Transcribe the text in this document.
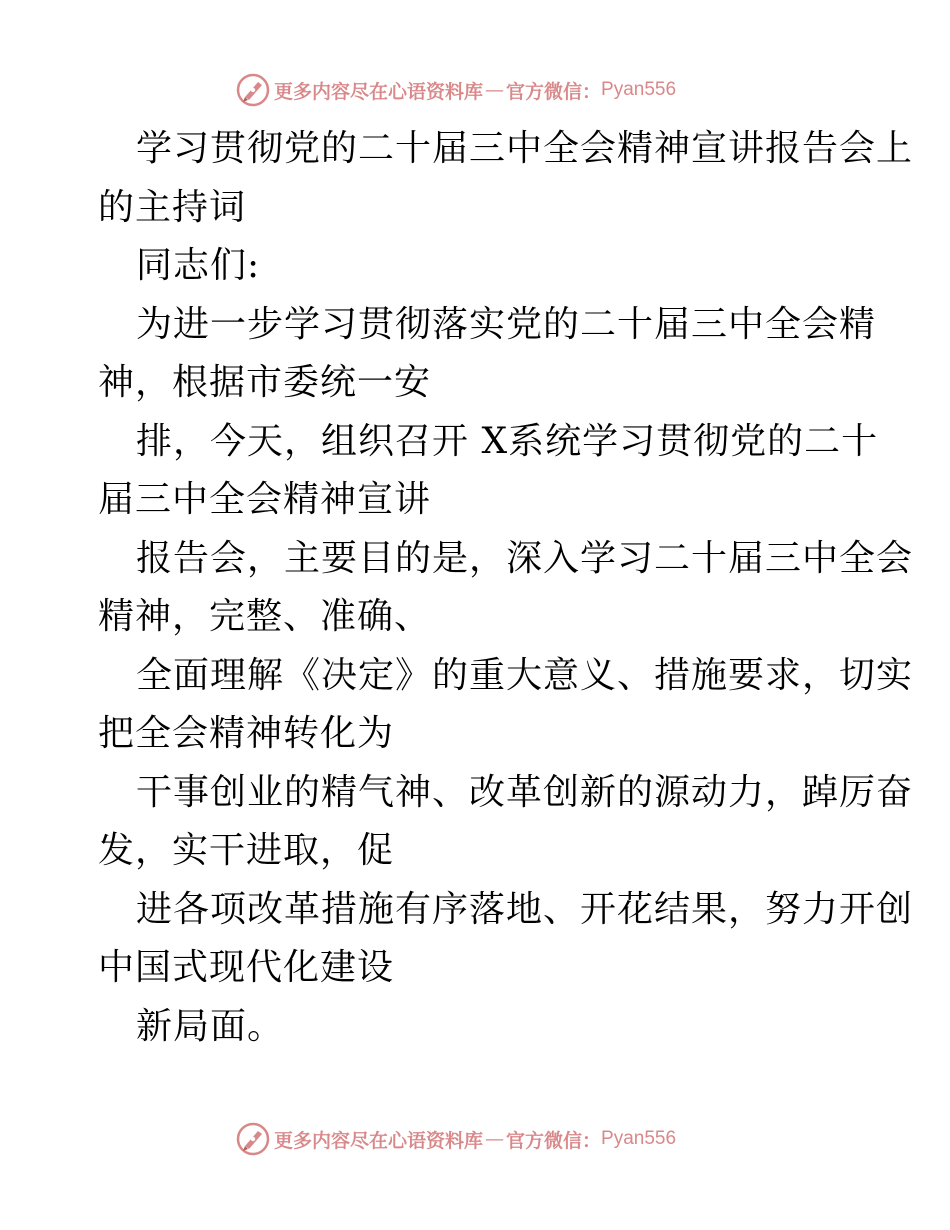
更多内容尽在心语资料库 — 官方微信： Pyan556
学习贯彻党的二十届三中全会精神宣讲报告会上
的主持词
同志们:
为进一步学习贯彻落实党的二十届三中全会精
神，根据市委统一安
排，今天，组织召开 X系统学习贯彻党的二十
届三中全会精神宣讲
报告会，主要目的是，深入学习二十届三中全会
精神，完整、准确、
全面理解《决定》的重大意义、措施要求，切实
把全会精神转化为
干事创业的精气神、改革创新的源动力，踔厉奋
发，实干进取，促
进各项改革措施有序落地、开花结果，努力开创
中国式现代化建设
新局面。
更多内容尽在心语资料库 — 官方微信： Pyan556
